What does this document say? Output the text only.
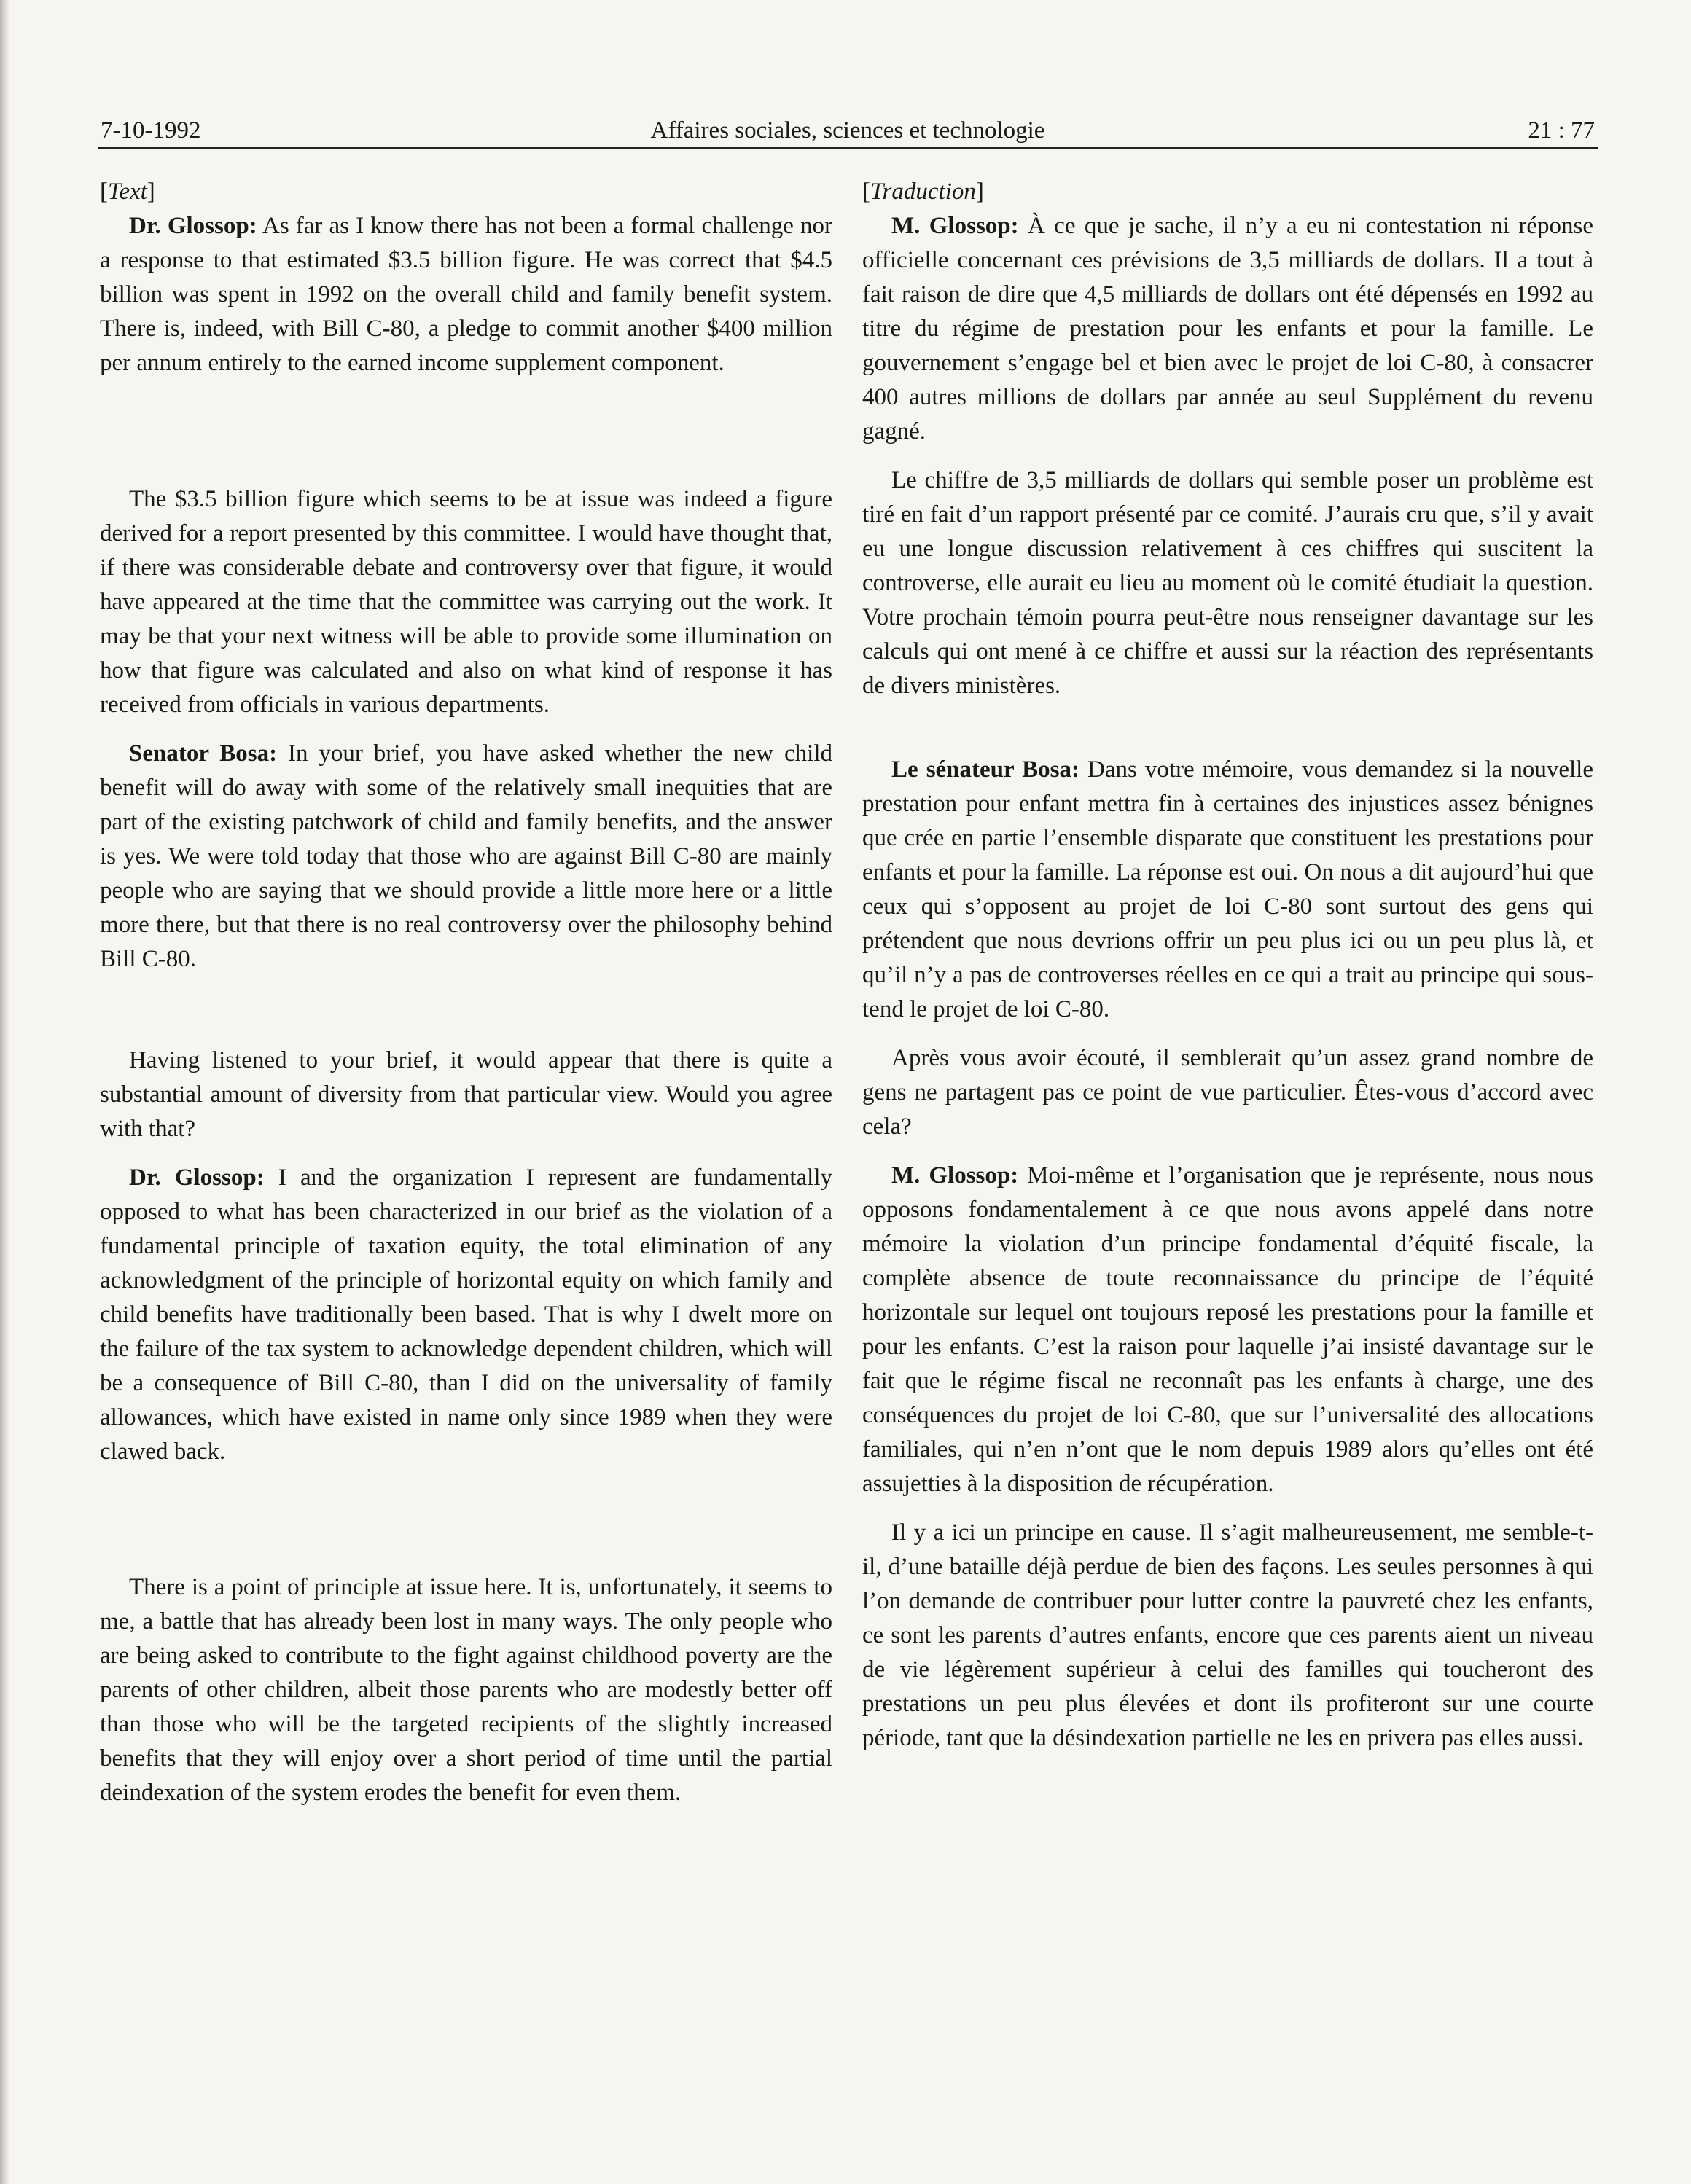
7-10-1992	Affaires sociales, sciences et technologie	21 : 77

[Text]

Dr. Glossop: As far as I know there has not been a formal challenge nor a response to that estimated $3.5 billion figure. He was correct that $4.5 billion was spent in 1992 on the overall child and family benefit system. There is, indeed, with Bill C-80, a pledge to commit another $400 million per annum entirely to the earned income supplement component.

The $3.5 billion figure which seems to be at issue was indeed a figure derived for a report presented by this committee. I would have thought that, if there was considerable debate and controversy over that figure, it would have appeared at the time that the committee was carrying out the work. It may be that your next witness will be able to provide some illumination on how that figure was calculated and also on what kind of response it has received from officials in various departments.

Senator Bosa: In your brief, you have asked whether the new child benefit will do away with some of the relatively small inequities that are part of the existing patchwork of child and family benefits, and the answer is yes. We were told today that those who are against Bill C-80 are mainly people who are saying that we should provide a little more here or a little more there, but that there is no real controversy over the philosophy behind Bill C-80.

Having listened to your brief, it would appear that there is quite a substantial amount of diversity from that particular view. Would you agree with that?

Dr. Glossop: I and the organization I represent are fundamentally opposed to what has been characterized in our brief as the violation of a fundamental principle of taxation equity, the total elimination of any acknowledgment of the principle of horizontal equity on which family and child benefits have traditionally been based. That is why I dwelt more on the failure of the tax system to acknowledge dependent children, which will be a consequence of Bill C-80, than I did on the universality of family allowances, which have existed in name only since 1989 when they were clawed back.

There is a point of principle at issue here. It is, unfortunately, it seems to me, a battle that has already been lost in many ways. The only people who are being asked to contribute to the fight against childhood poverty are the parents of other children, albeit those parents who are modestly better off than those who will be the targeted recipients of the slightly increased benefits that they will enjoy over a short period of time until the partial deindexation of the system erodes the benefit for even them.

[Traduction]

M. Glossop: À ce que je sache, il n’y a eu ni contestation ni réponse officielle concernant ces prévisions de 3,5 milliards de dollars. Il a tout à fait raison de dire que 4,5 milliards de dollars ont été dépensés en 1992 au titre du régime de prestation pour les enfants et pour la famille. Le gouvernement s’engage bel et bien avec le projet de loi C-80, à consacrer 400 autres millions de dollars par année au seul Supplément du revenu gagné.

Le chiffre de 3,5 milliards de dollars qui semble poser un problème est tiré en fait d’un rapport présenté par ce comité. J’aurais cru que, s’il y avait eu une longue discussion relativement à ces chiffres qui suscitent la controverse, elle aurait eu lieu au moment où le comité étudiait la question. Votre prochain témoin pourra peut-être nous renseigner davantage sur les calculs qui ont mené à ce chiffre et aussi sur la réaction des représentants de divers ministères.

Le sénateur Bosa: Dans votre mémoire, vous demandez si la nouvelle prestation pour enfant mettra fin à certaines des injustices assez bénignes que crée en partie l’ensemble disparate que constituent les prestations pour enfants et pour la famille. La réponse est oui. On nous a dit aujourd’hui que ceux qui s’opposent au projet de loi C-80 sont surtout des gens qui prétendent que nous devrions offrir un peu plus ici ou un peu plus là, et qu’il n’y a pas de controverses réelles en ce qui a trait au principe qui sous-tend le projet de loi C-80.

Après vous avoir écouté, il semblerait qu’un assez grand nombre de gens ne partagent pas ce point de vue particulier. Êtes-vous d’accord avec cela?

M. Glossop: Moi-même et l’organisation que je représente, nous nous opposons fondamentalement à ce que nous avons appelé dans notre mémoire la violation d’un principe fondamental d’équité fiscale, la complète absence de toute reconnaissance du principe de l’équité horizontale sur lequel ont toujours reposé les prestations pour la famille et pour les enfants. C’est la raison pour laquelle j’ai insisté davantage sur le fait que le régime fiscal ne reconnaît pas les enfants à charge, une des conséquences du projet de loi C-80, que sur l’universalité des allocations familiales, qui n’en n’ont que le nom depuis 1989 alors qu’elles ont été assujetties à la disposition de récupération.

Il y a ici un principe en cause. Il s’agit malheureusement, me semble-t-il, d’une bataille déjà perdue de bien des façons. Les seules personnes à qui l’on demande de contribuer pour lutter contre la pauvreté chez les enfants, ce sont les parents d’autres enfants, encore que ces parents aient un niveau de vie légèrement supérieur à celui des familles qui toucheront des prestations un peu plus élevées et dont ils profiteront sur une courte période, tant que la désindexation partielle ne les en privera pas elles aussi.
